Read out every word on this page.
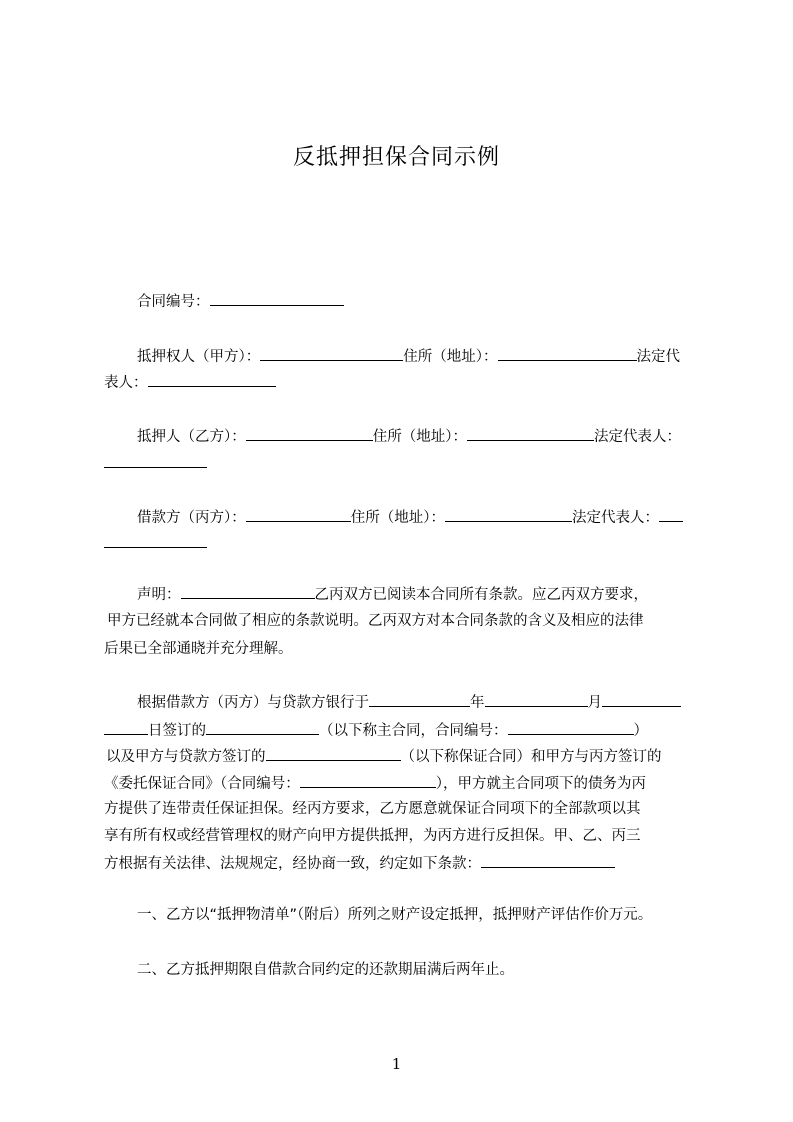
反抵押担保合同示例
合同编号：
抵押权人（甲方）：	住所（地址）：	法定代
表人：
抵押人（乙方）：	住所（地址）：	法定代表人：
借款方（丙方）：	住所（地址）：	法定代表人：
声明：	乙丙双方已阅读本合同所有条款。应乙丙双方要求，
甲方已经就本合同做了相应的条款说明。乙丙双方对本合同条款的含义及相应的法律
后果已全部通晓并充分理解。
根据借款方（丙方）与贷款方银行于	年	月
日签订的	（以下称主合同，合同编号：	）
以及甲方与贷款方签订的	（以下称保证合同）和甲方与丙方签订的
《委托保证合同》（合同编号：	），甲方就主合同项下的债务为丙
方提供了连带责任保证担保。经丙方要求，乙方愿意就保证合同项下的全部款项以其
享有所有权或经营管理权的财产向甲方提供抵押，为丙方进行反担保。甲、乙、丙三
方根据有关法律、法规规定，经协商一致，约定如下条款：
一、乙方以“抵押物清单”（附后）所列之财产设定抵押，抵押财产评估作价万元。
二、乙方抵押期限自借款合同约定的还款期届满后两年止。
1
